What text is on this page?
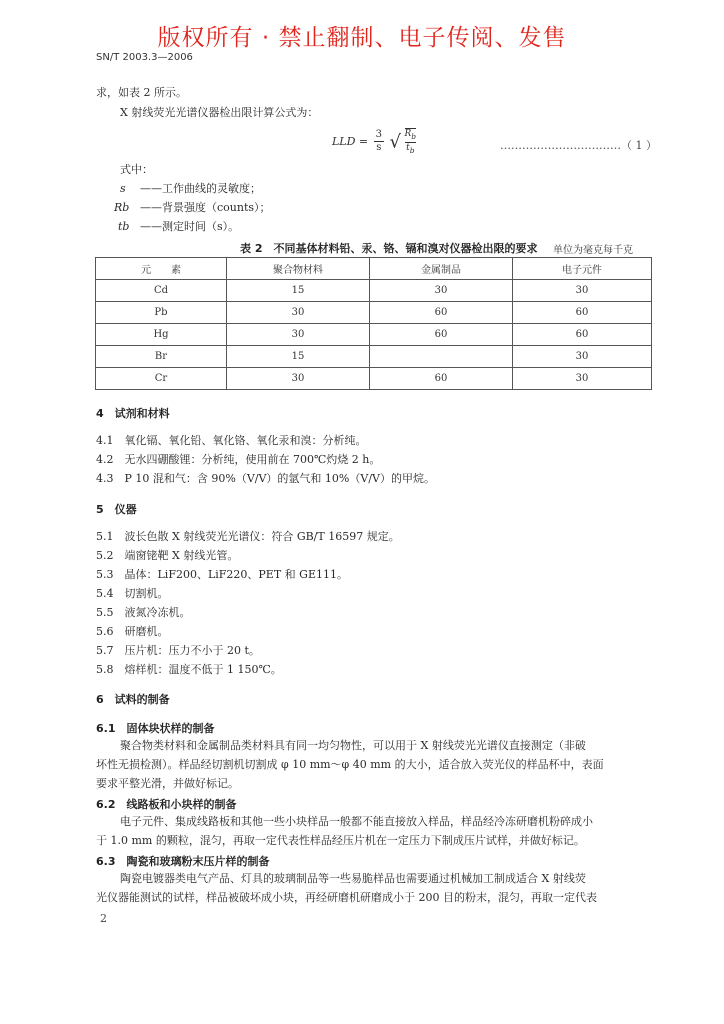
版权所有 · 禁止翻制、电子传阅、发售
SN/T 2003.3—2006
求，如表 2 所示。
X 射线荧光光谱仪器检出限计算公式为：
LLD = $\frac{3}{s}$ √ $\frac{R_b}{t_b}$	……………………………（ 1 ）
式中：
s ——工作曲线的灵敏度；
Rb ——背景强度（counts）；
tb ——测定时间（s）。
表 2　不同基体材料铅、汞、铬、镉和溴对仪器检出限的要求 单位为毫克每千克
元　　素	聚合物材料	金属制品	电子元件
Cd	15	30	30
Pb	30	60	60
Hg	30	60	60
Br	15		30
Cr	30	60	30
4　试剂和材料
4.1　氧化镉、氧化铅、氧化铬、氧化汞和溴：分析纯。
4.2　无水四硼酸锂：分析纯，使用前在 700℃灼烧 2 h。
4.3　P 10 混和气：含 90%（V/V）的氩气和 10%（V/V）的甲烷。
5　仪器
5.1　波长色散 X 射线荧光光谱仪：符合 GB/T 16597 规定。
5.2　端窗铑靶 X 射线光管。
5.3　晶体：LiF200、LiF220、PET 和 GE111。
5.4　切割机。
5.5　液氮冷冻机。
5.6　研磨机。
5.7　压片机：压力不小于 20 t。
5.8　熔样机：温度不低于 1 150℃。
6　试料的制备
6.1　固体块状样的制备
聚合物类材料和金属制品类材料具有同一均匀物性，可以用于 X 射线荧光光谱仪直接测定（非破
坏性无损检测）。样品经切割机切割成 φ 10 mm～φ 40 mm 的大小，适合放入荧光仪的样品杯中，表面
要求平整光滑，并做好标记。
6.2　线路板和小块样的制备
电子元件、集成线路板和其他一些小块样品一般都不能直接放入样品，样品经冷冻研磨机粉碎成小
于 1.0 mm 的颗粒，混匀，再取一定代表性样品经压片机在一定压力下制成压片试样，并做好标记。
6.3　陶瓷和玻璃粉末压片样的制备
陶瓷电镀器类电气产品、灯具的玻璃制品等一些易脆样品也需要通过机械加工制成适合 X 射线荧
光仪器能测试的试样，样品被破坏成小块，再经研磨机研磨成小于 200 目的粉末，混匀，再取一定代表
2
